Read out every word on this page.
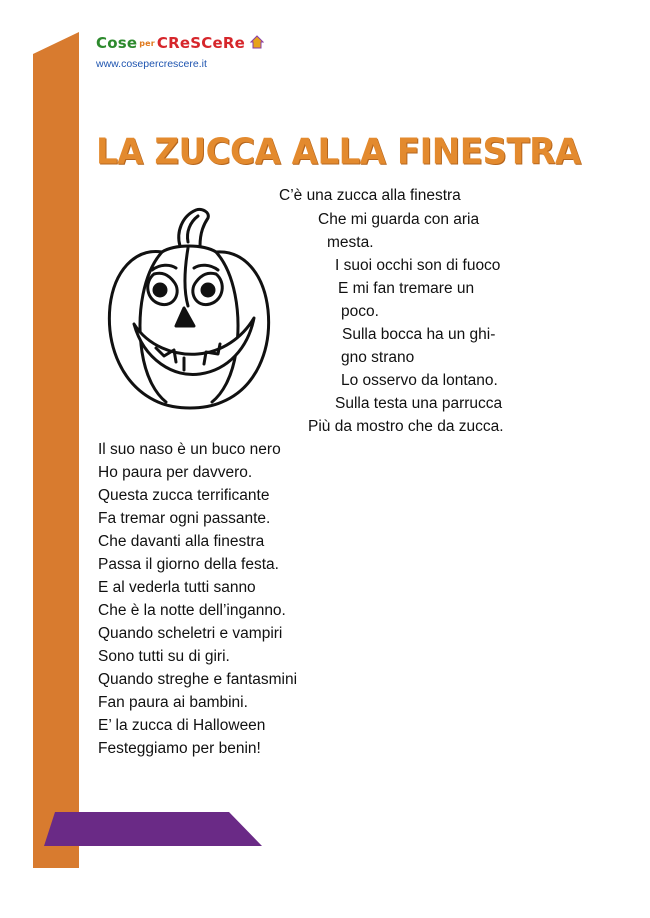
Cose per CReSCeRe
www.cosepercrescere.it
LA ZUCCA ALLA FINESTRA
C’è una zucca alla finestra
Che mi guarda con aria
mesta.
I suoi occhi son di fuoco
E mi fan tremare un
poco.
Sulla bocca ha un ghi-
gno strano
Lo osservo da lontano.
Sulla testa una parrucca
Più da mostro che da zucca.
Il suo naso è un buco nero
Ho paura per davvero.
Questa zucca terrificante
Fa tremar ogni passante.
Che davanti alla finestra
Passa il giorno della festa.
E al vederla tutti sanno
Che è la notte dell’inganno.
Quando scheletri e vampiri
Sono tutti su di giri.
Quando streghe e fantasmini
Fan paura ai bambini.
E’ la zucca di Halloween
Festeggiamo per benin!
